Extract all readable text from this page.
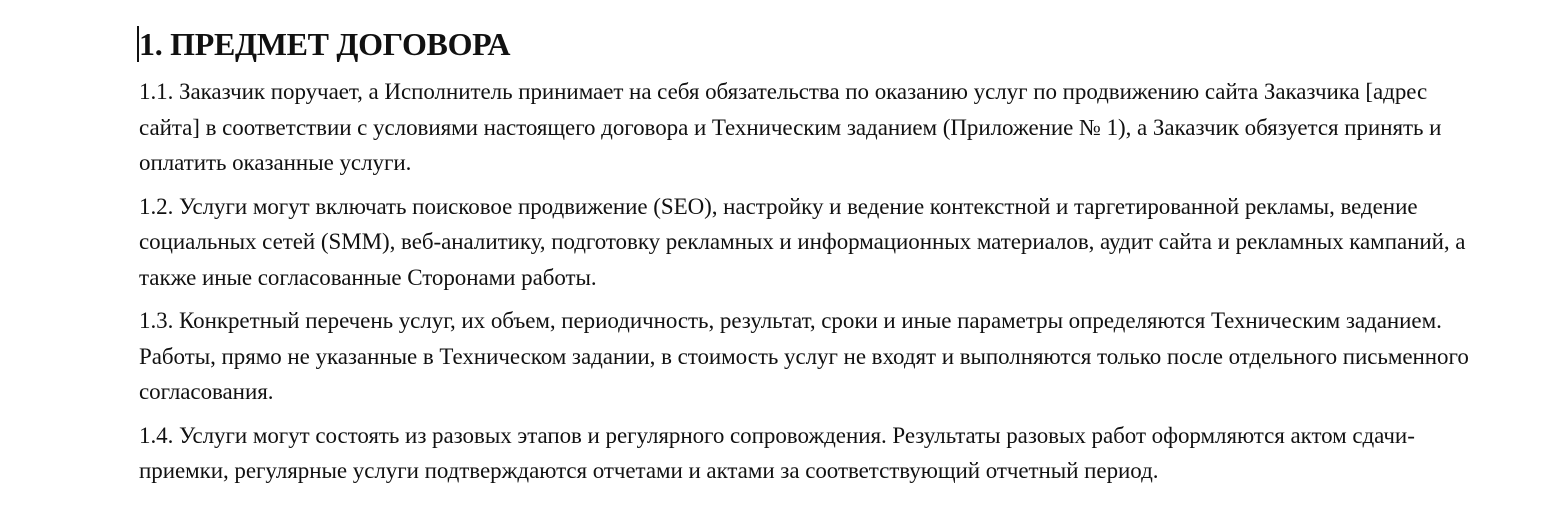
1. ПРЕДМЕТ ДОГОВОРА

1.1. Заказчик поручает, а Исполнитель принимает на себя обязательства по оказанию услуг по продвижению сайта Заказчика [адрес сайта] в соответствии с условиями настоящего договора и Техническим заданием (Приложение № 1), а Заказчик обязуется принять и оплатить оказанные услуги.

1.2. Услуги могут включать поисковое продвижение (SEO), настройку и ведение контекстной и таргетированной рекламы, ведение социальных сетей (SMM), веб-аналитику, подготовку рекламных и информационных материалов, аудит сайта и рекламных кампаний, а также иные согласованные Сторонами работы.

1.3. Конкретный перечень услуг, их объем, периодичность, результат, сроки и иные параметры определяются Техническим заданием. Работы, прямо не указанные в Техническом задании, в стоимость услуг не входят и выполняются только после отдельного письменного согласования.

1.4. Услуги могут состоять из разовых этапов и регулярного сопровождения. Результаты разовых работ оформляются актом сдачи-приемки, регулярные услуги подтверждаются отчетами и актами за соответствующий отчетный период.
